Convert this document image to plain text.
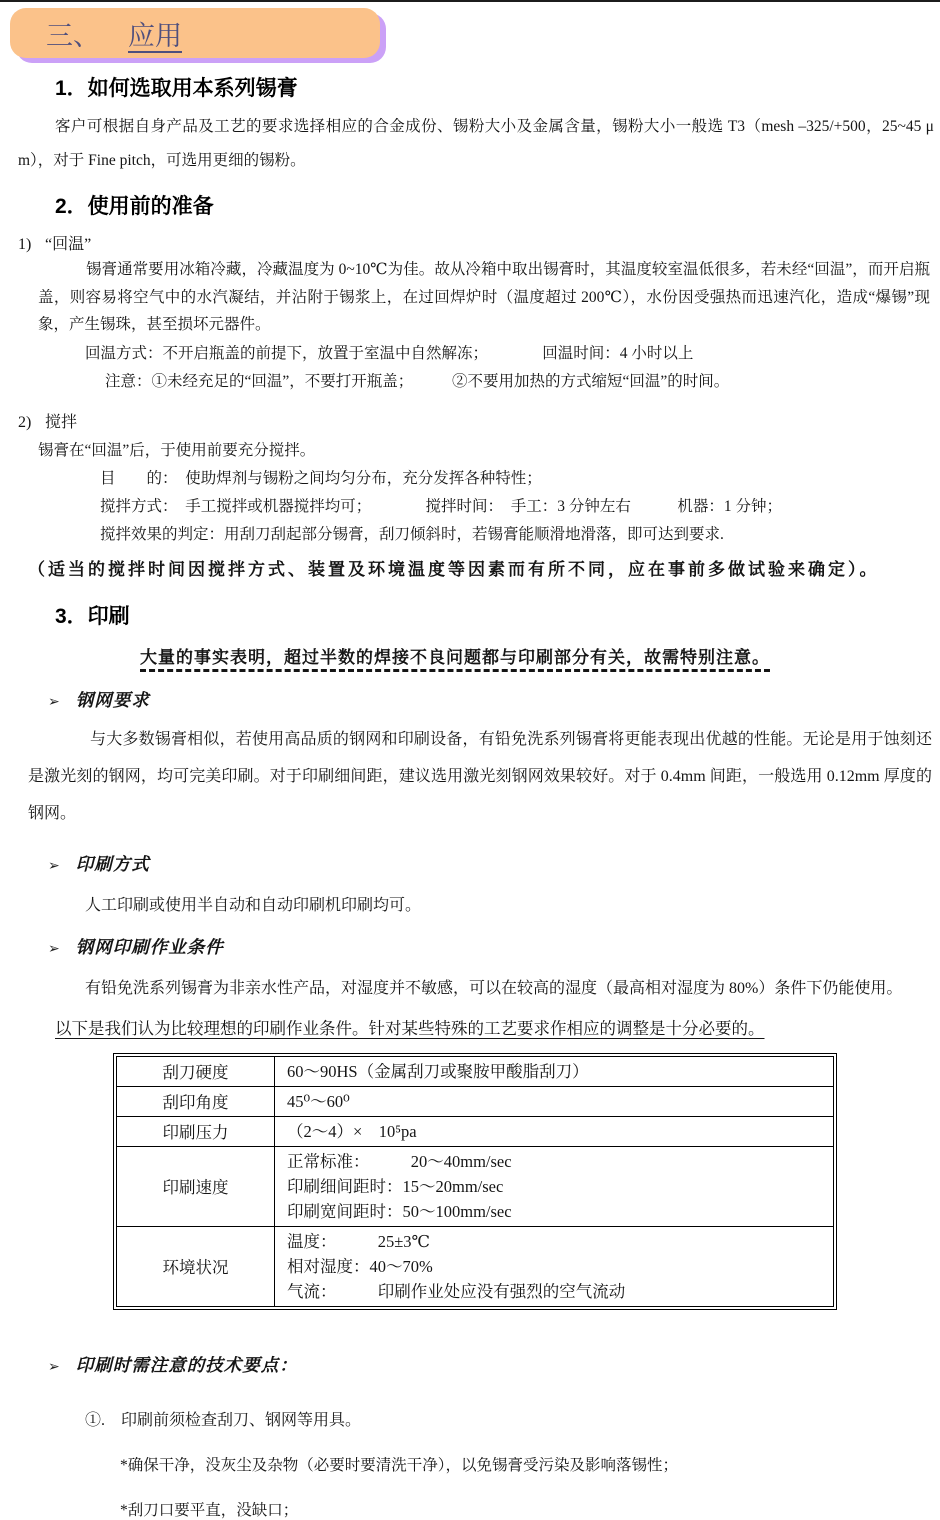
三、 应用
1．如何选取用本系列锡膏
客户可根据自身产品及工艺的要求选择相应的合金成份、锡粉大小及金属含量，锡粉大小一般选 T3（mesh –325/+500，25~45 μ m），对于 Fine pitch，可选用更细的锡粉。
2．使用前的准备
1) “回温”
锡膏通常要用冰箱冷藏，冷藏温度为 0~10℃为佳。故从冷箱中取出锡膏时，其温度较室温低很多，若未经“回温”，而开启瓶盖，则容易将空气中的水汽凝结，并沾附于锡浆上，在过回焊炉时（温度超过 200℃），水份因受强热而迅速汽化，造成“爆锡”现象，产生锡珠，甚至损坏元器件。
回温方式：不开启瓶盖的前提下，放置于室温中自然解冻；　　　　回温时间：4 小时以上
注意：①未经充足的“回温”，不要打开瓶盖；　　　②不要用加热的方式缩短“回温”的时间。
2) 搅拌
锡膏在“回温”后，于使用前要充分搅拌。
目　　的：　使助焊剂与锡粉之间均匀分布，充分发挥各种特性；
搅拌方式：　手工搅拌或机器搅拌均可；　　　　搅拌时间：　手工：3 分钟左右　　　机器：1 分钟；
搅拌效果的判定：用刮刀刮起部分锡膏，刮刀倾斜时，若锡膏能顺滑地滑落，即可达到要求.
（适当的搅拌时间因搅拌方式、装置及环境温度等因素而有所不同，应在事前多做试验来确定）。
3．印刷
大量的事实表明，超过半数的焊接不良问题都与印刷部分有关，故需特别注意。
➢ 钢网要求
与大多数锡膏相似，若使用高品质的钢网和印刷设备，有铅免洗系列锡膏将更能表现出优越的性能。无论是用于蚀刻还是激光刻的钢网，均可完美印刷。对于印刷细间距，建议选用激光刻钢网效果较好。对于 0.4mm 间距，一般选用 0.12mm 厚度的钢网。
➢ 印刷方式
人工印刷或使用半自动和自动印刷机印刷均可。
➢ 钢网印刷作业条件
有铅免洗系列锡膏为非亲水性产品，对湿度并不敏感，可以在较高的湿度（最高相对湿度为 80%）条件下仍能使用。
以下是我们认为比较理想的印刷作业条件。针对某些特殊的工艺要求作相应的调整是十分必要的。
刮刀硬度	60～90HS（金属刮刀或聚胺甲酸脂刮刀）

刮印角度	45⁰～60⁰

印刷压力	（2～4）×　10⁵pa

印刷速度	正常标准：　　　20～40mm/sec
印刷细间距时：15～20mm/sec
印刷宽间距时：50～100mm/sec

环境状况	温度：　　　25±3℃
相对湿度：40～70%
气流：　　　印刷作业处应没有强烈的空气流动
➢ 印刷时需注意的技术要点：
①.　印刷前须检查刮刀、钢网等用具。
*确保干净，没灰尘及杂物（必要时要清洗干净），以免锡膏受污染及影响落锡性；
*刮刀口要平直，没缺口；
